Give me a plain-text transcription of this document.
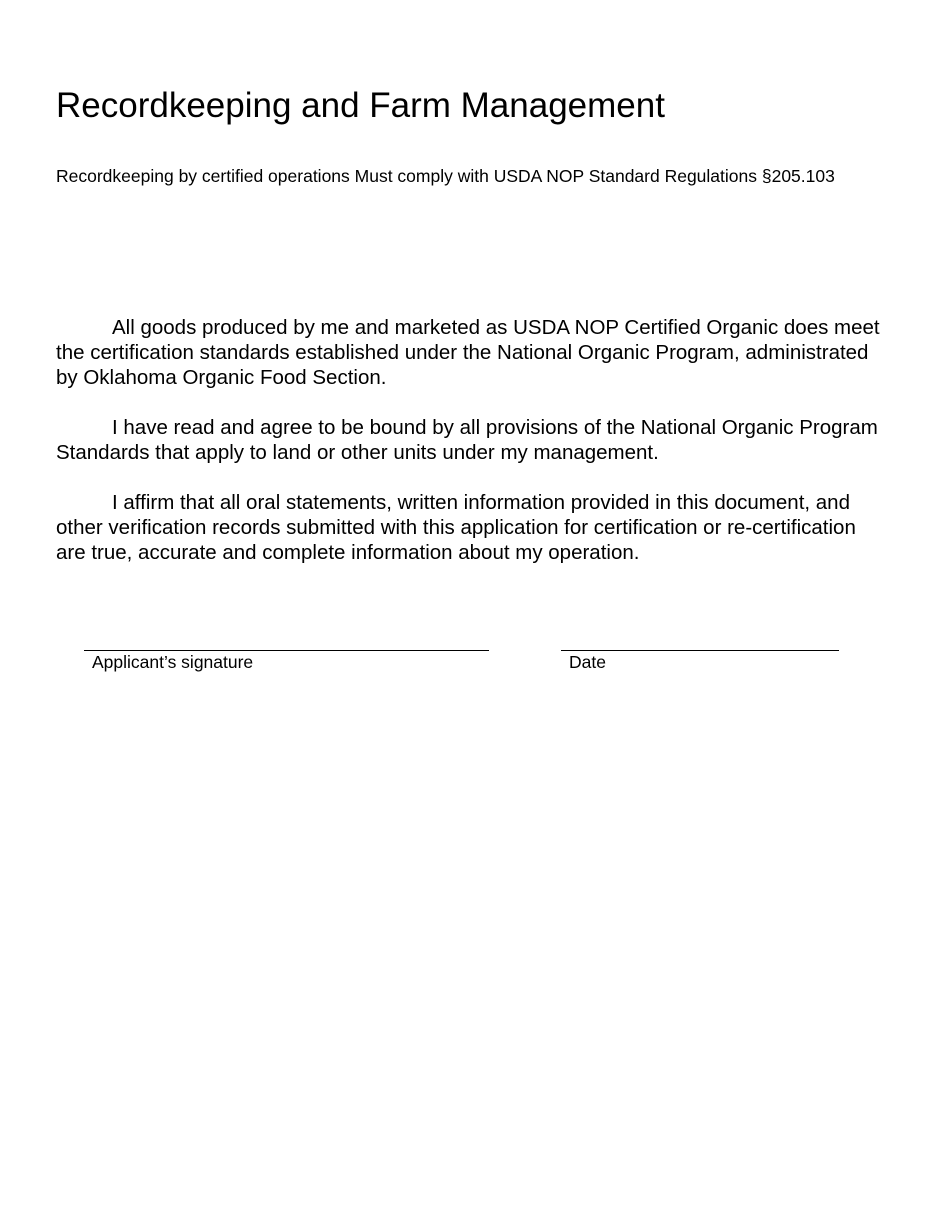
Recordkeeping and Farm Management

Recordkeeping by certified operations Must comply with USDA NOP Standard Regulations §205.103

All goods produced by me and marketed as USDA NOP Certified Organic does meet the certification standards established under the National Organic Program, administrated by Oklahoma Organic Food Section.

I have read and agree to be bound by all provisions of the National Organic Program Standards that apply to land or other units under my management.

I affirm that all oral statements, written information provided in this document, and other verification records submitted with this application for certification or re-certification are true, accurate and complete information about my operation.

Applicant’s signature	Date
